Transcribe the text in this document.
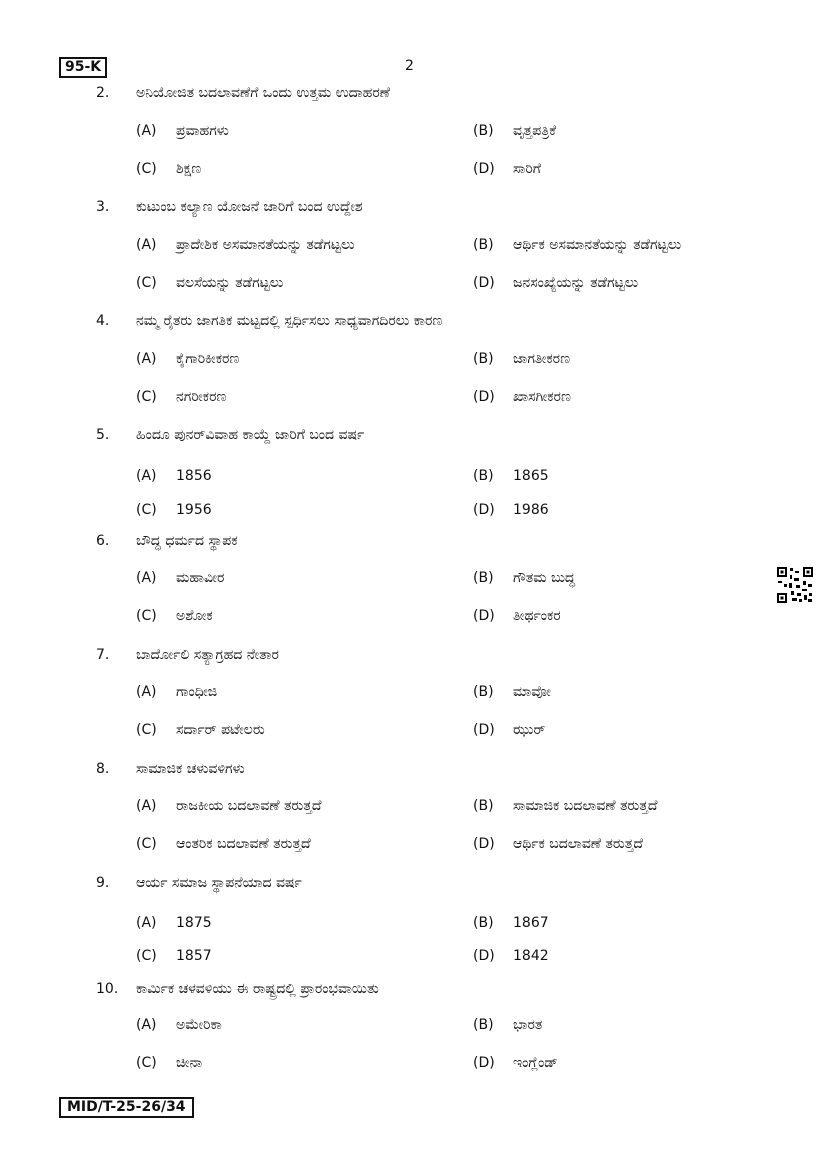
95-K	2
2. ಅನಿಯೋಜಿತ ಬದಲಾವಣೆಗೆ ಒಂದು ಉತ್ತಮ ಉದಾಹರಣೆ
3. ಕುಟುಂಬ ಕಲ್ಯಾಣ ಯೋಜನೆ ಜಾರಿಗೆ ಬಂದ ಉದ್ದೇಶ
4. ನಮ್ಮ ರೈತರು ಜಾಗತಿಕ ಮಟ್ಟದಲ್ಲಿ ಸ್ಪರ್ಧಿಸಲು ಸಾಧ್ಯವಾಗದಿರಲು ಕಾರಣ
5. ಹಿಂದೂ ಪುನರ್‌ವಿವಾಹ ಕಾಯ್ದೆ ಜಾರಿಗೆ ಬಂದ ವರ್ಷ
6. ಬೌದ್ಧ ಧರ್ಮದ ಸ್ಥಾಪಕ
7. ಬಾರ್ದೋಲಿ ಸತ್ಯಾಗ್ರಹದ ನೇತಾರ
8. ಸಾಮಾಜಿಕ ಚಳುವಳಿಗಳು
9. ಆರ್ಯ ಸಮಾಜ ಸ್ಥಾಪನೆಯಾದ ವರ್ಷ
10. ಕಾರ್ಮಿಕ ಚಳವಳಿಯು ಈ ರಾಷ್ಟ್ರದಲ್ಲಿ ಪ್ರಾರಂಭವಾಯಿತು
MID/T-25-26/34
(A) ಪ್ರವಾಹಗಳು	(B) ವೃತ್ತಪತ್ರಿಕೆ
(C) ಶಿಕ್ಷಣ	(D) ಸಾರಿಗೆ
(A) ಪ್ರಾದೇಶಿಕ ಅಸಮಾನತೆಯನ್ನು ತಡೆಗಟ್ಟಲು	(B) ಆರ್ಥಿಕ ಅಸಮಾನತೆಯನ್ನು ತಡೆಗಟ್ಟಲು
(C) ವಲಸೆಯನ್ನು ತಡೆಗಟ್ಟಲು	(D) ಜನಸಂಖ್ಯೆಯನ್ನು ತಡೆಗಟ್ಟಲು
(A) ಕೈಗಾರಿಕೀಕರಣ	(B) ಜಾಗತೀಕರಣ
(C) ನಗರೀಕರಣ	(D) ಖಾಸಗೀಕರಣ
(A) 1856	(B) 1865
(C) 1956	(D) 1986
(A) ಮಹಾವೀರ	(B) ಗೌತಮ ಬುದ್ಧ
(C) ಅಶೋಕ	(D) ತೀರ್ಥಂಕರ
(A) ಗಾಂಧೀಜಿ	(B) ಮಾವೋ
(C) ಸರ್ದಾರ್ ಪಟೇಲರು	(D) ಝುರ್
(A) ರಾಜಕೀಯ ಬದಲಾವಣೆ ತರುತ್ತದೆ	(B) ಸಾಮಾಜಿಕ ಬದಲಾವಣೆ ತರುತ್ತದೆ
(C) ಆಂತರಿಕ ಬದಲಾವಣೆ ತರುತ್ತದೆ	(D) ಆರ್ಥಿಕ ಬದಲಾವಣೆ ತರುತ್ತದೆ
(A) 1875	(B) 1867
(C) 1857	(D) 1842
(A) ಅಮೇರಿಕಾ	(B) ಭಾರತ
(C) ಚೀನಾ	(D) ಇಂಗ್ಲೆಂಡ್
